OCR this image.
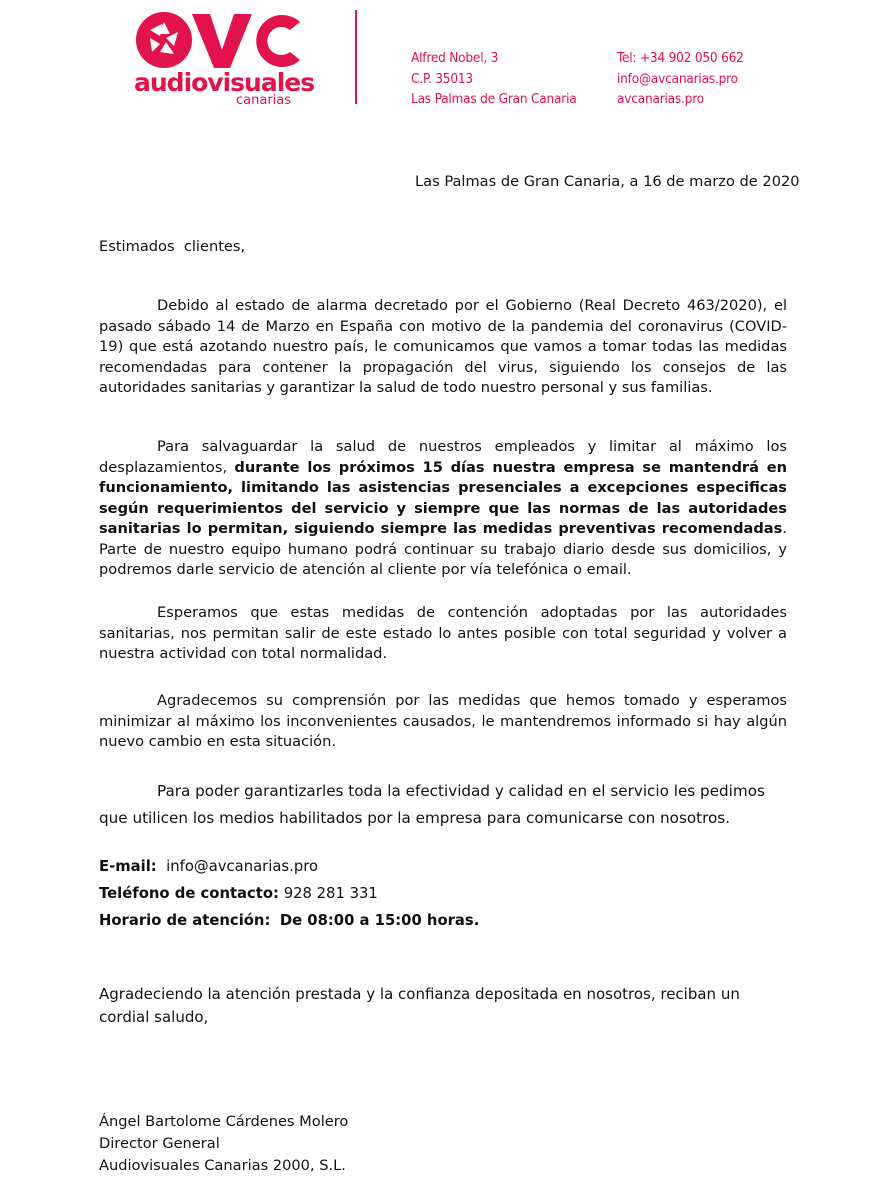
audiovisuales
canarias
Alfred Nobel, 3
C.P. 35013
Las Palmas de Gran Canaria
Tel: +34 902 050 662
info@avcanarias.pro
avcanarias.pro
Las Palmas de Gran Canaria, a 16 de marzo de 2020
Estimados  clientes,

Debido al estado de alarma decretado por el Gobierno (Real Decreto 463/2020), el pasado sábado 14 de Marzo en España con motivo de la pandemia del coronavirus (COVID-19) que está azotando nuestro país, le comunicamos que vamos a tomar todas las medidas recomendadas para contener la propagación del virus, siguiendo los consejos de las autoridades sanitarias y garantizar la salud de todo nuestro personal y sus familias.

Para salvaguardar la salud de nuestros empleados y limitar al máximo los desplazamientos, durante los próximos 15 días nuestra empresa se mantendrá en funcionamiento, limitando las asistencias presenciales a excepciones especificas según requerimientos del servicio y siempre que las normas de las autoridades sanitarias lo permitan, siguiendo siempre las medidas preventivas recomendadas. Parte de nuestro equipo humano podrá continuar su trabajo diario desde sus domicilios, y podremos darle servicio de atención al cliente por vía telefónica o email.

Esperamos que estas medidas de contención adoptadas por las autoridades sanitarias, nos permitan salir de este estado lo antes posible con total seguridad y volver a nuestra actividad con total normalidad.

Agradecemos su comprensión por las medidas que hemos tomado y esperamos minimizar al máximo los inconvenientes causados, le mantendremos informado si hay algún nuevo cambio en esta situación.

Para poder garantizarles toda la efectividad y calidad en el servicio les pedimos que utilicen los medios habilitados por la empresa para comunicarse con nosotros.

E-mail: info@avcanarias.pro
Teléfono de contacto: 928 281 331
Horario de atención: De 08:00 a 15:00 horas.

Agradeciendo la atención prestada y la confianza depositada en nosotros, reciban un cordial saludo,

Ángel Bartolome Cárdenes Molero
Director General
Audiovisuales Canarias 2000, S.L.
